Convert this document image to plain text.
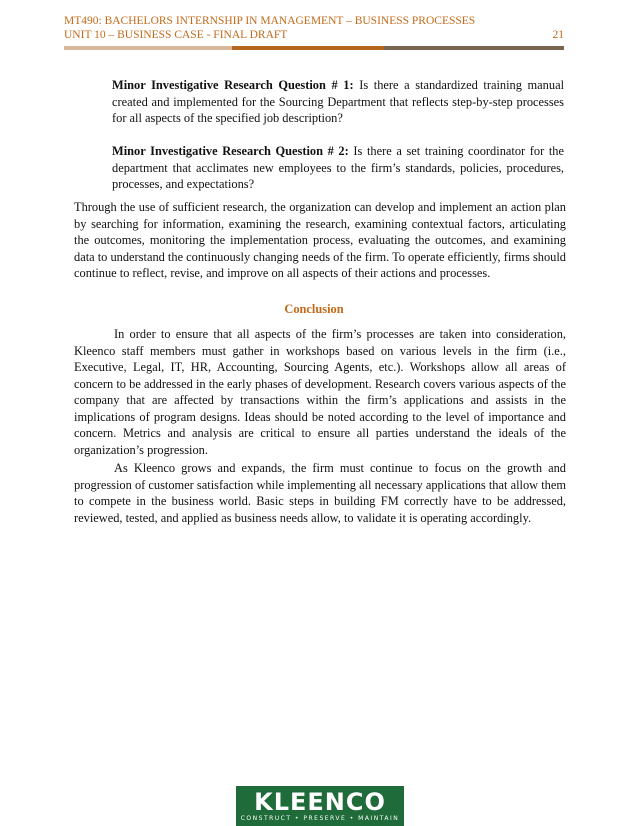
MT490: BACHELORS INTERNSHIP IN MANAGEMENT – BUSINESS PROCESSES
UNIT 10 – BUSINESS CASE - FINAL DRAFT	21
Minor Investigative Research Question # 1: Is there a standardized training manual created and implemented for the Sourcing Department that reflects step-by-step processes for all aspects of the specified job description?
Minor Investigative Research Question # 2: Is there a set training coordinator for the department that acclimates new employees to the firm’s standards, policies, procedures, processes, and expectations?
Through the use of sufficient research, the organization can develop and implement an action plan by searching for information, examining the research, examining contextual factors, articulating the outcomes, monitoring the implementation process, evaluating the outcomes, and examining data to understand the continuously changing needs of the firm. To operate efficiently, firms should continue to reflect, revise, and improve on all aspects of their actions and processes.
Conclusion
In order to ensure that all aspects of the firm’s processes are taken into consideration, Kleenco staff members must gather in workshops based on various levels in the firm (i.e., Executive, Legal, IT, HR, Accounting, Sourcing Agents, etc.). Workshops allow all areas of concern to be addressed in the early phases of development. Research covers various aspects of the company that are affected by transactions within the firm’s applications and assists in the implications of program designs. Ideas should be noted according to the level of importance and concern. Metrics and analysis are critical to ensure all parties understand the ideals of the organization’s progression.
As Kleenco grows and expands, the firm must continue to focus on the growth and progression of customer satisfaction while implementing all necessary applications that allow them to compete in the business world. Basic steps in building FM correctly have to be addressed, reviewed, tested, and applied as business needs allow, to validate it is operating accordingly.
KLEENCO
CONSTRUCT • PRESERVE • MAINTAIN
